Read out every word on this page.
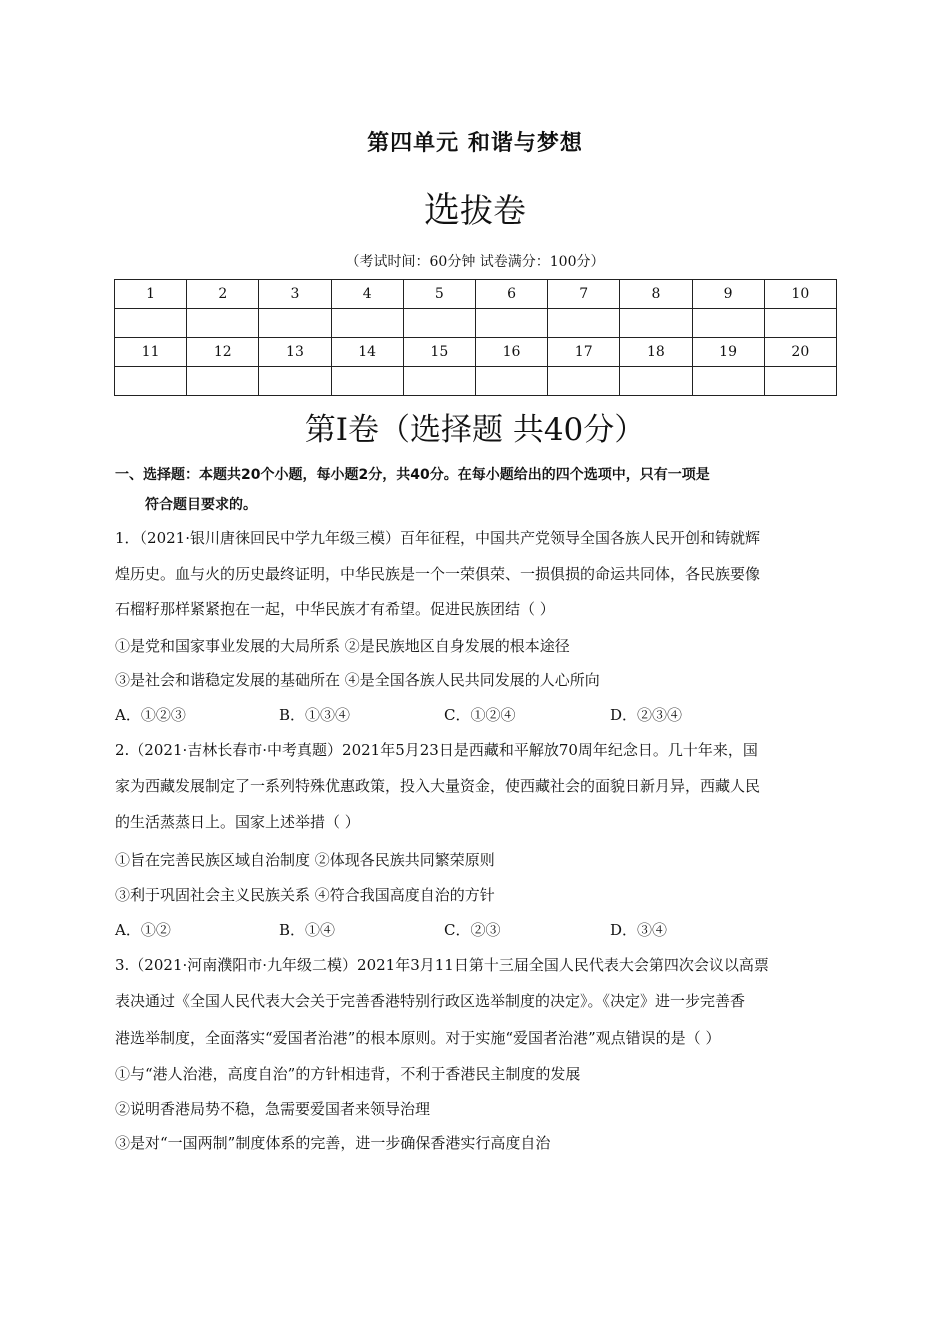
第四单元 和谐与梦想
选拔卷
（考试时间：60分钟 试卷满分：100分）
1	2	3	4	5	6	7	8	9	10

11	12	13	14	15	16	17	18	19	20

第Ⅰ卷（选择题 共40分）
一、选择题：本题共20个小题，每小题2分，共40分。在每小题给出的四个选项中，只有一项是
符合题目要求的。
1．（2021·银川唐徕回民中学九年级三模）百年征程，中国共产党领导全国各族人民开创和铸就辉
煌历史。血与火的历史最终证明，中华民族是一个一荣俱荣、一损俱损的命运共同体，各民族要像
石榴籽那样紧紧抱在一起，中华民族才有希望。促进民族团结（ ）
①是党和国家事业发展的大局所系 ②是民族地区自身发展的根本途径
③是社会和谐稳定发展的基础所在 ④是全国各族人民共同发展的人心所向
A．①②③	B．①③④	C．①②④	D．②③④
2.（2021·吉林长春市·中考真题）2021年5月23日是西藏和平解放70周年纪念日。几十年来，国
家为西藏发展制定了一系列特殊优惠政策，投入大量资金，使西藏社会的面貌日新月异，西藏人民
的生活蒸蒸日上。国家上述举措（ ）
①旨在完善民族区域自治制度 ②体现各民族共同繁荣原则
③利于巩固社会主义民族关系 ④符合我国高度自治的方针
A．①②	B．①④	C．②③	D．③④
3.（2021·河南濮阳市·九年级二模）2021年3月11日第十三届全国人民代表大会第四次会议以高票
表决通过《全国人民代表大会关于完善香港特别行政区选举制度的决定》。《决定》进一步完善香
港选举制度，全面落实“爱国者治港”的根本原则。对于实施“爱国者治港”观点错误的是（ ）
①与“港人治港，高度自治”的方针相违背，不利于香港民主制度的发展
②说明香港局势不稳，急需要爱国者来领导治理
③是对“一国两制”制度体系的完善，进一步确保香港实行高度自治
